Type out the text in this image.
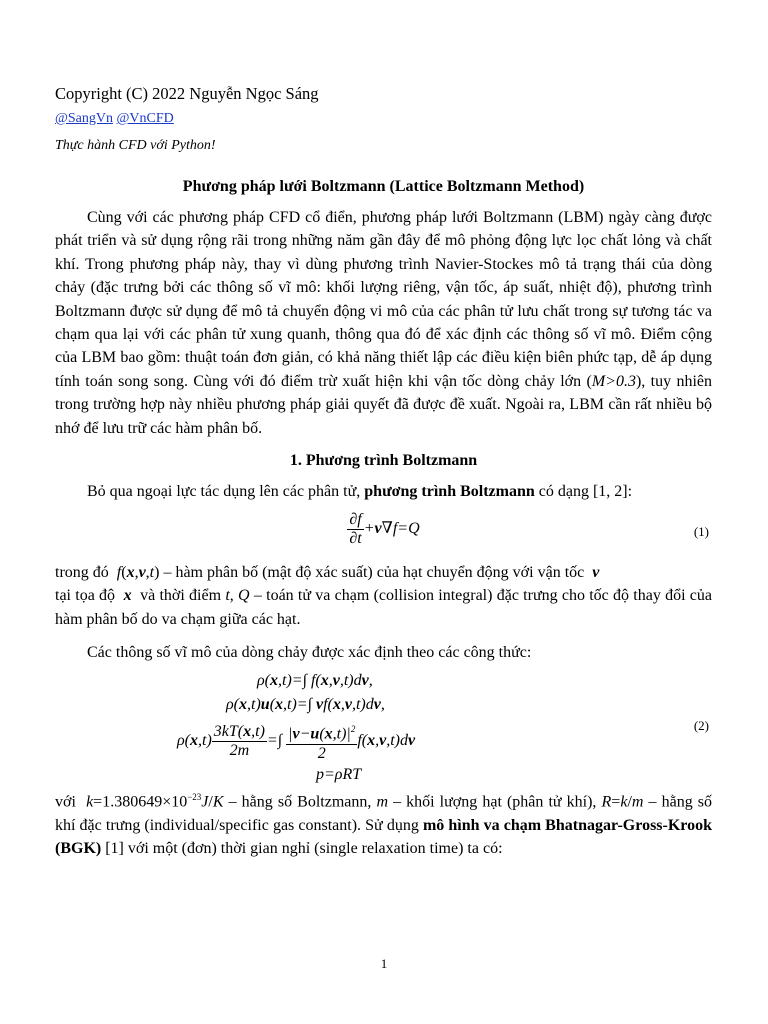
Copyright (C) 2022 Nguyễn Ngọc Sáng
@SangVn @VnCFD
Thực hành CFD với Python!
Phương pháp lưới Boltzmann (Lattice Boltzmann Method)

Cùng với các phương pháp CFD cổ điển, phương pháp lưới Boltzmann (LBM) ngày càng được phát triển và sử dụng rộng rãi trong những năm gần đây để mô phỏng động lực lọc chất lỏng và chất khí. Trong phương pháp này, thay vì dùng phương trình Navier-Stockes mô tả trạng thái của dòng chảy (đặc trưng bởi các thông số vĩ mô: khối lượng riêng, vận tốc, áp suất, nhiệt độ), phương trình Boltzmann được sử dụng để mô tả chuyển động vi mô của các phân tử lưu chất trong sự tương tác va chạm qua lại với các phân tử xung quanh, thông qua đó để xác định các thông số vĩ mô. Điểm cộng của LBM bao gồm: thuật toán đơn giản, có khả năng thiết lập các điều kiện biên phức tạp, dễ áp dụng tính toán song song. Cùng với đó điểm trừ xuất hiện khi vận tốc dòng chảy lớn (M>0.3), tuy nhiên trong trường hợp này nhiều phương pháp giải quyết đã được đề xuất. Ngoài ra, LBM cần rất nhiều bộ nhớ để lưu trữ các hàm phân bố.

1. Phương trình Boltzmann

Bỏ qua ngoại lực tác dụng lên các phân tử, phương trình Boltzmann có dạng [1, 2]:

$\frac{\partial f}{\partial t} +v\nabla f=Q$	(1)

trong đó f(x,v,t) – hàm phân bố (mật độ xác suất) của hạt chuyển động với vận tốc v
tại tọa độ x và thời điểm t, Q – toán tử va chạm (collision integral) đặc trưng cho tốc độ thay đổi của hàm phân bố do va chạm giữa các hạt.

Các thông số vĩ mô của dòng chảy được xác định theo các công thức:

ρ(x,t)=∫ f(x,v,t)dv,
ρ(x,t)u(x,t)=∫ vf(x,v,t)dv,
$\rho(x,t) \frac{3kT(x,t)}{2m}$ =∫ $\frac{|v-u(x,t)|^2}{2} f(x,v,t)dv$
p=ρRT
(2)

với $k=1.380649\times 10^{-23}J/K$ – hằng số Boltzmann, m – khối lượng hạt (phân tử khí), R=k/m – hằng số khí đặc trưng (individual/specific gas constant). Sử dụng mô hình va chạm Bhatnagar-Gross-Krook (BGK) [1] với một (đơn) thời gian nghỉ (single relaxation time) ta có:

1
